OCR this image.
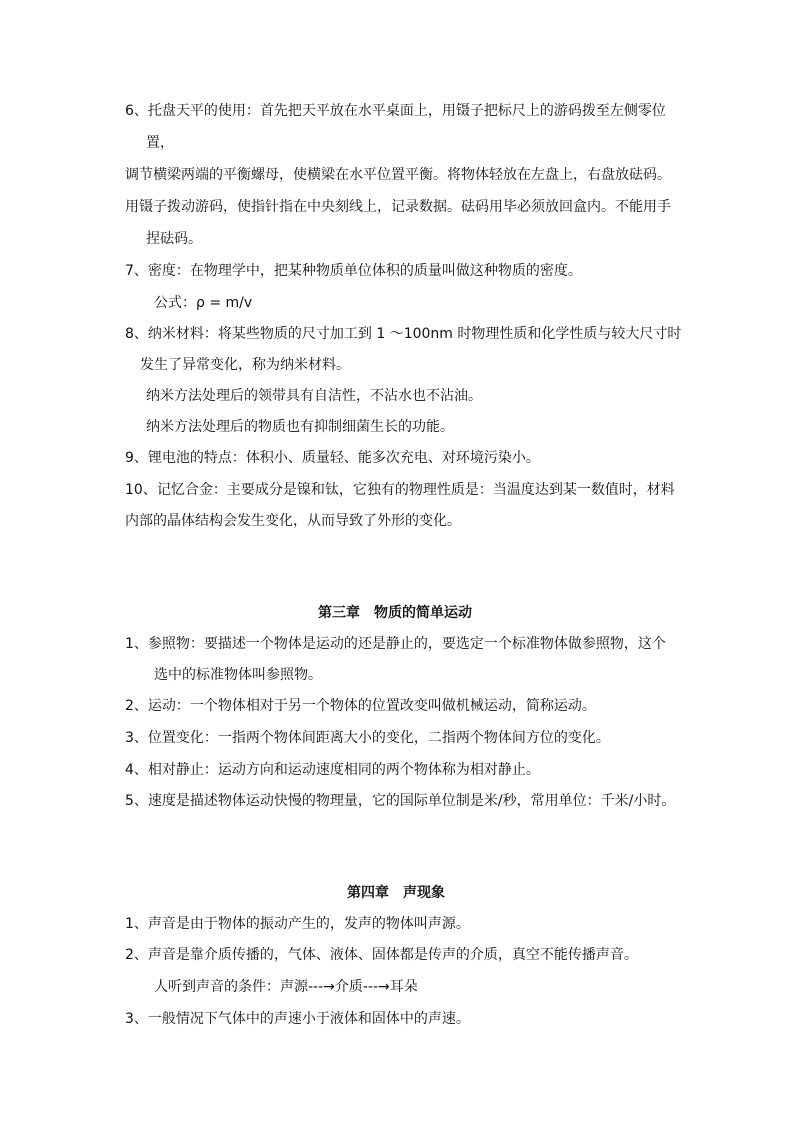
6、托盘天平的使用：首先把天平放在水平桌面上，用镊子把标尺上的游码拨至左侧零位

置，

调节横梁两端的平衡螺母，使横梁在水平位置平衡。将物体轻放在左盘上，右盘放砝码。

用镊子拨动游码，使指针指在中央刻线上，记录数据。砝码用毕必须放回盒内。不能用手

捏砝码。

7、密度：在物理学中，把某种物质单位体积的质量叫做这种物质的密度。

公式：ρ = m/v

8、纳米材料：将某些物质的尺寸加工到 1 ～100nm 时物理性质和化学性质与较大尺寸时

发生了异常变化，称为纳米材料。

纳米方法处理后的领带具有自洁性，不沾水也不沾油。

纳米方法处理后的物质也有抑制细菌生长的功能。

9、锂电池的特点：体积小、质量轻、能多次充电、对环境污染小。

10、记忆合金：主要成分是镍和钛，它独有的物理性质是：当温度达到某一数值时，材料

内部的晶体结构会发生变化，从而导致了外形的变化。

第三章　物质的简单运动

1、参照物：要描述一个物体是运动的还是静止的，要选定一个标准物体做参照物，这个

选中的标准物体叫参照物。

2、运动：一个物体相对于另一个物体的位置改变叫做机械运动，简称运动。

3、位置变化：一指两个物体间距离大小的变化，二指两个物体间方位的变化。

4、相对静止：运动方向和运动速度相同的两个物体称为相对静止。

5、速度是描述物体运动快慢的物理量，它的国际单位制是米/秒，常用单位：千米/小时。

第四章　声现象

1、声音是由于物体的振动产生的，发声的物体叫声源。

2、声音是靠介质传播的，气体、液体、固体都是传声的介质，真空不能传播声音。

人听到声音的条件：声源---→介质---→耳朵

3、一般情况下气体中的声速小于液体和固体中的声速。
